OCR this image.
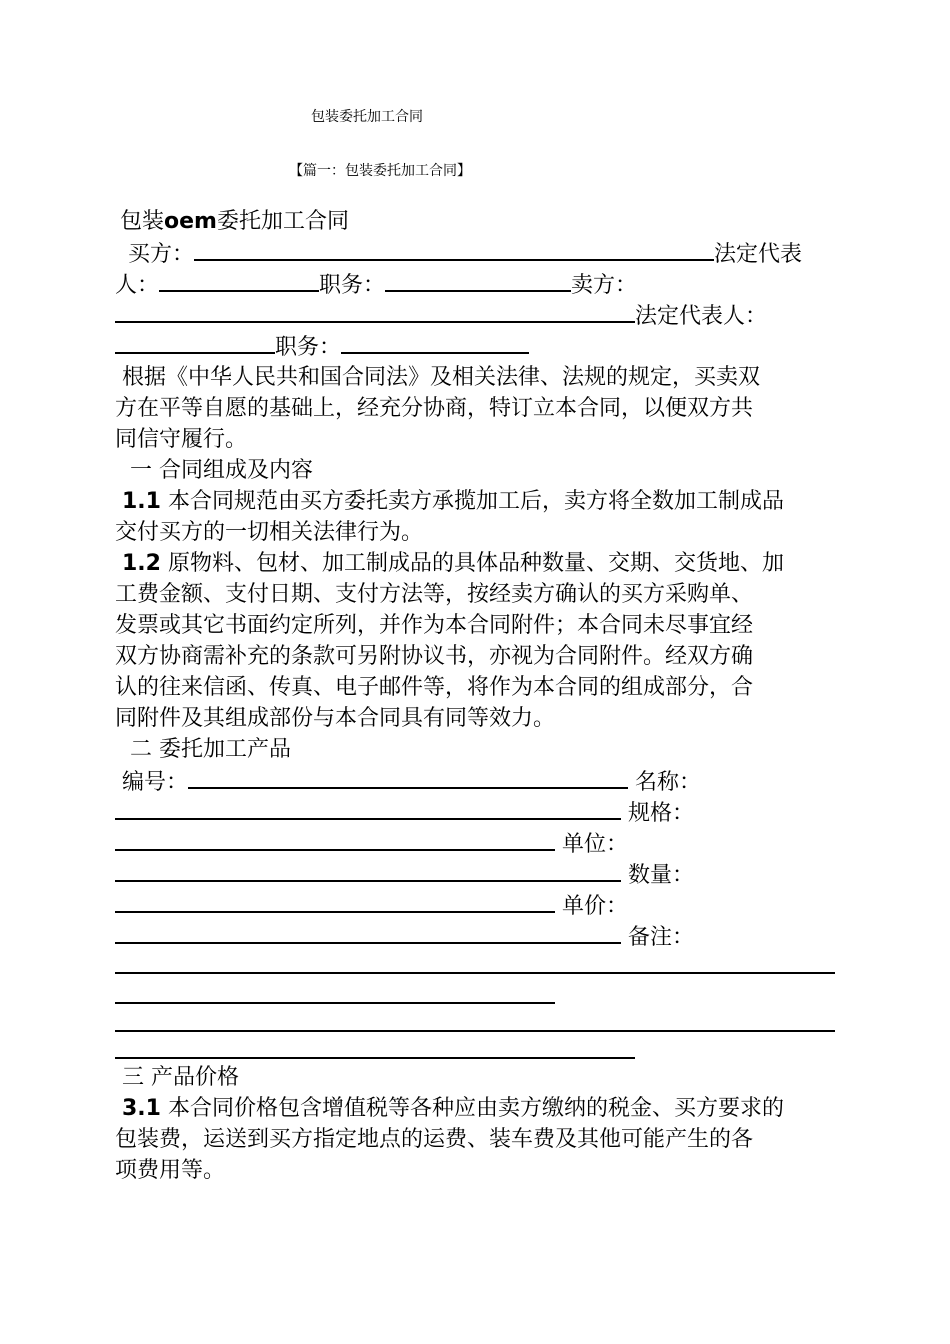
包装委托加工合同
【篇一：包装委托加工合同】
包装oem委托加工合同
买方：	法定代表
人：	职务：	卖方：
法定代表人：
职务：
根据《中华人民共和国合同法》及相关法律、法规的规定，买卖双
方在平等自愿的基础上，经充分协商，特订立本合同，以便双方共
同信守履行。
一 合同组成及内容
1.1 本合同规范由买方委托卖方承揽加工后，卖方将全数加工制成品
交付买方的一切相关法律行为。
1.2 原物料、包材、加工制成品的具体品种数量、交期、交货地、加
工费金额、支付日期、支付方法等，按经卖方确认的买方采购单、
发票或其它书面约定所列，并作为本合同附件；本合同未尽事宜经
双方协商需补充的条款可另附协议书，亦视为合同附件。经双方确
认的往来信函、传真、电子邮件等，将作为本合同的组成部分，合
同附件及其组成部份与本合同具有同等效力。
二 委托加工产品
编号：	名称：
规格：
单位：
数量：
单价：
备注：
三 产品价格
3.1 本合同价格包含增值税等各种应由卖方缴纳的税金、买方要求的
包装费，运送到买方指定地点的运费、装车费及其他可能产生的各
项费用等。
